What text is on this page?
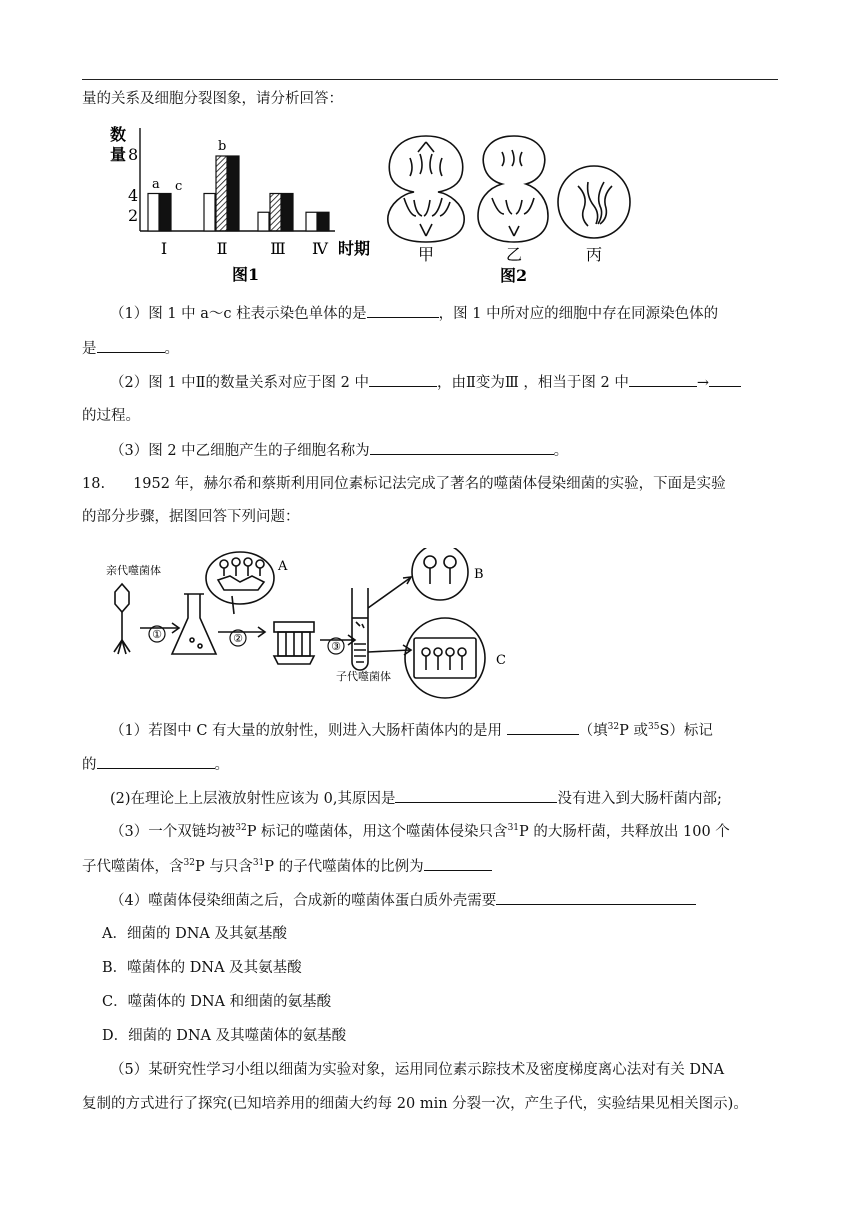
量的关系及细胞分裂图象，请分析回答：
数
量 8
4
2
a c
b
Ⅰ	Ⅱ	Ⅲ Ⅳ 时期
图1
甲	乙	丙
图2
（1）图 1 中 a～c 柱表示染色单体的是	，图 1 中所对应的细胞中存在同源染色体的
是	。
（2）图 1 中Ⅱ的数量关系对应于图 2 中	，由Ⅱ变为Ⅲ ，相当于图 2 中	→
的过程。
（3）图 2 中乙细胞产生的子细胞名称为	。
18. 1952 年，赫尔希和蔡斯利用同位素标记法完成了著名的噬菌体侵染细菌的实验，下面是实验
的部分步骤，据图回答下列问题：
亲代噬菌体
①	②
③
A
B
C
子代噬菌体
（1）若图中 C 有大量的放射性，则进入大肠杆菌体内的是用	（填$^{32}$P 或$^{35}$S）标记
的	。
(2)在理论上上层液放射性应该为 0,其原因是	没有进入到大肠杆菌内部;
（3）一个双链均被$^{32}$P 标记的噬菌体，用这个噬菌体侵染只含$^{31}$P 的大肠杆菌，共释放出 100 个
子代噬菌体，含$^{32}$P 与只含$^{31}$P 的子代噬菌体的比例为
（4）噬菌体侵染细菌之后，合成新的噬菌体蛋白质外壳需要
A．细菌的 DNA 及其氨基酸
B．噬菌体的 DNA 及其氨基酸
C．噬菌体的 DNA 和细菌的氨基酸
D．细菌的 DNA 及其噬菌体的氨基酸
（5）某研究性学习小组以细菌为实验对象，运用同位素示踪技术及密度梯度离心法对有关 DNA
复制的方式进行了探究(已知培养用的细菌大约每 20 min 分裂一次，产生子代，实验结果见相关图示)。
